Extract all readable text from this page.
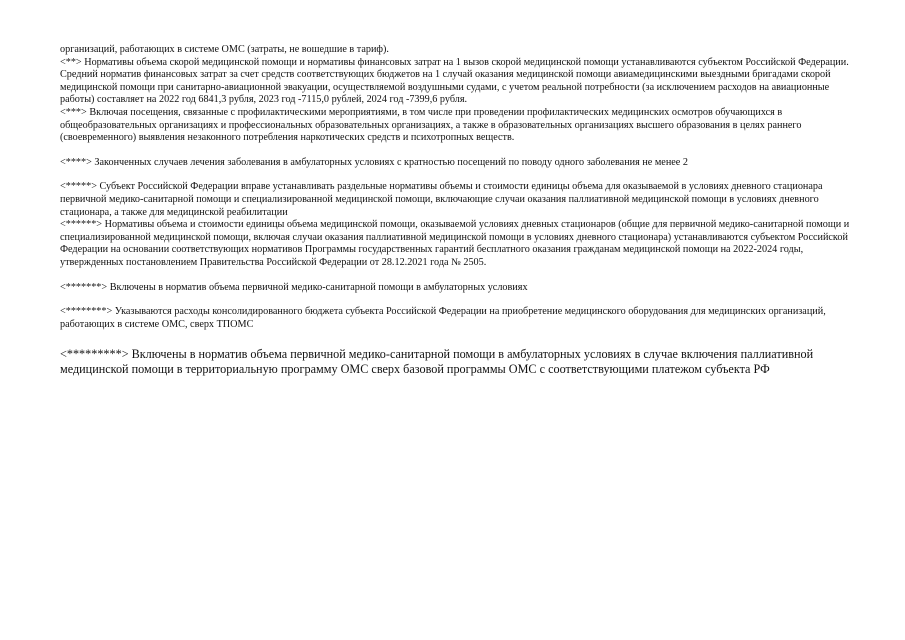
организаций, работающих в системе ОМС (затраты, не вошедшие в тариф).

<**> Нормативы объема скорой медицинской помощи и нормативы финансовых затрат на 1 вызов скорой медицинской помощи устанавливаются субъектом Российской Федерации. Средний норматив финансовых затрат за счет средств соответствующих бюджетов на 1 случай оказания медицинской помощи авиамедицинскими выездными бригадами скорой медицинской помощи при санитарно-авиационной эвакуации, осуществляемой воздушными судами, с учетом реальной потребности (за исключением расходов на авиационные работы) составляет на 2022 год 6841,3 рубля, 2023 год -7115,0 рублей, 2024 год -7399,6 рубля.

<***> Включая посещения, связанные с профилактическими мероприятиями, в том числе при проведении профилактических медицинских осмотров обучающихся в общеобразовательных организациях и профессиональных образовательных организациях, а также в образовательных организациях высшего образования в целях раннего (своевременного) выявления незаконного потребления наркотических средств и психотропных веществ.

<****> Законченных случаев лечения заболевания в амбулаторных условиях с кратностью посещений по поводу одного заболевания не менее 2

<*****> Субъект Российской Федерации вправе устанавливать раздельные нормативы объемы и стоимости единицы объема для оказываемой в условиях дневного стационара первичной медико-санитарной помощи и специализированной медицинской помощи, включающие случаи оказания паллиативной медицинской помощи в условиях дневного стационара, а также для медицинской реабилитации

<******> Нормативы объема и стоимости единицы объема медицинской помощи, оказываемой условиях дневных стационаров (общие для первичной медико-санитарной помощи и специализированной медицинской помощи, включая случаи оказания паллиативной медицинской помощи в условиях дневного стационара) устанавливаются субъектом Российской Федерации на основании соответствующих нормативов Программы государственных гарантий бесплатного оказания гражданам медицинской помощи на 2022-2024 годы, утвержденных постановлением Правительства Российской Федерации от 28.12.2021 года № 2505.

<*******> Включены в норматив объема первичной медико-санитарной помощи в амбулаторных условиях

<********> Указываются расходы консолидированного бюджета субъекта Российской Федерации на приобретение медицинского оборудования для медицинских организаций, работающих в системе ОМС, сверх ТПОМС

<*********> Включены в норматив объема первичной медико-санитарной помощи в амбулаторных условиях в случае включения паллиативной медицинской помощи в территориальную программу ОМС сверх базовой программы ОМС с соответствующими платежом субъекта РФ
